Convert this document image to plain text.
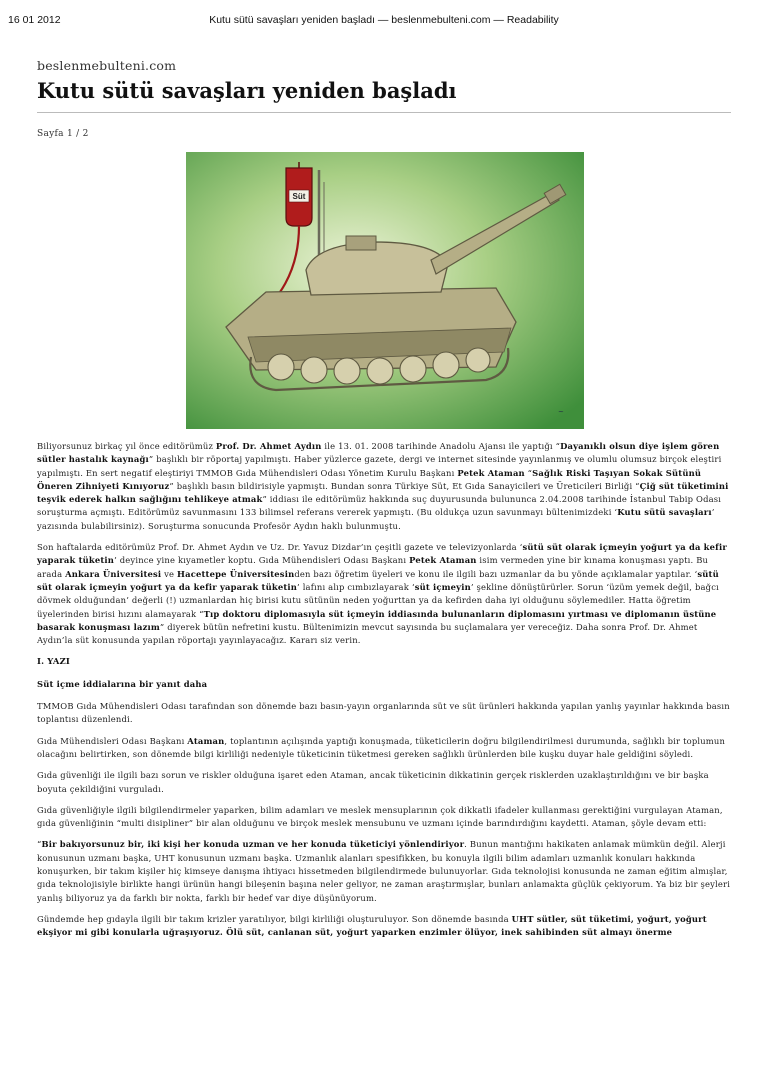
16 01 2012	Kutu sütü savaşları yeniden başladı — beslenmebulteni.com — Readability
beslenmebulteni.com
Kutu sütü savaşları yeniden başladı
Sayfa 1 / 2
Süt
~

Biliyorsunuz birkaç yıl önce editörümüz Prof. Dr. Ahmet Aydın ile 13. 01. 2008 tarihinde Anadolu Ajansı ile yaptığı “Dayanıklı olsun diye işlem gören sütler hastalık kaynağı” başlıklı bir röportaj yapılmıştı. Haber yüzlerce gazete, dergi ve internet sitesinde yayınlanmış ve olumlu olumsuz birçok eleştiri yapılmıştı. En sert negatif eleştiriyi TMMOB Gıda Mühendisleri Odası Yönetim Kurulu Başkanı Petek Ataman “Sağlık Riski Taşıyan Sokak Sütünü Öneren Zihniyeti Kınıyoruz” başlıklı basın bildirisiyle yapmıştı. Bundan sonra Türkiye Süt, Et Gıda Sanayicileri ve Üreticileri Birliği “Çiğ süt tüketimini teşvik ederek halkın sağlığını tehlikeye atmak” iddiası ile editörümüz hakkında suç duyurusunda bulununca 2.04.2008 tarihinde İstanbul Tabip Odası soruşturma açmıştı. Editörümüz savunmasını 133 bilimsel referans vererek yapmıştı. (Bu oldukça uzun savunmayı bültenimizdeki ‘Kutu sütü savaşları’ yazısında bulabilirsiniz). Soruşturma sonucunda Profesör Aydın haklı bulunmuştu.

Son haftalarda editörümüz Prof. Dr. Ahmet Aydın ve Uz. Dr. Yavuz Dizdar’ın çeşitli gazete ve televizyonlarda ‘sütü süt olarak içmeyin yoğurt ya da kefir yaparak tüketin’ deyince yine kıyametler koptu. Gıda Mühendisleri Odası Başkanı Petek Ataman isim vermeden yine bir kınama konuşması yaptı. Bu arada Ankara Üniversitesi ve Hacettepe Üniversitesinden bazı öğretim üyeleri ve konu ile ilgili bazı uzmanlar da bu yönde açıklamalar yaptılar. ‘sütü süt olarak içmeyin yoğurt ya da kefir yaparak tüketin’ lafını alıp cımbızlayarak ‘süt içmeyin’ şekline dönüştürürler. Sorun ‘üzüm yemek değil, bağcı dövmek olduğundan’ değerli (!) uzmanlardan hiç birisi kutu sütünün neden yoğurttan ya da kefirden daha iyi olduğunu söylemediler. Hatta öğretim üyelerinden birisi hızını alamayarak “Tıp doktoru diplomasıyla süt içmeyin iddiasında bulunanların diplomasını yırtması ve diplomanın üstüne basarak konuşması lazım” diyerek bütün nefretini kustu. Bültenimizin mevcut sayısında bu suçlamalara yer vereceğiz. Daha sonra Prof. Dr. Ahmet Aydın’la süt konusunda yapılan röportajı yayınlayacağız. Kararı siz verin.

I. YAZI

Süt içme iddialarına bir yanıt daha

TMMOB Gıda Mühendisleri Odası tarafından son dönemde bazı basın-yayın organlarında süt ve süt ürünleri hakkında yapılan yanlış yayınlar hakkında basın toplantısı düzenlendi.

Gıda Mühendisleri Odası Başkanı Ataman, toplantının açılışında yaptığı konuşmada, tüketicilerin doğru bilgilendirilmesi durumunda, sağlıklı bir toplumun olacağını belirtirken, son dönemde bilgi kirliliği nedeniyle tüketicinin tüketmesi gereken sağlıklı ürünlerden bile kuşku duyar hale geldiğini söyledi.

Gıda güvenliği ile ilgili bazı sorun ve riskler olduğuna işaret eden Ataman, ancak tüketicinin dikkatinin gerçek risklerden uzaklaştırıldığını ve bir başka boyuta çekildiğini vurguladı.

Gıda güvenliğiyle ilgili bilgilendirmeler yaparken, bilim adamları ve meslek mensuplarının çok dikkatli ifadeler kullanması gerektiğini vurgulayan Ataman, gıda güvenliğinin “multi disipliner” bir alan olduğunu ve birçok meslek mensubunu ve uzmanı içinde barındırdığını kaydetti. Ataman, şöyle devam etti:

“Bir bakıyorsunuz bir, iki kişi her konuda uzman ve her konuda tüketiciyi yönlendiriyor. Bunun mantığını hakikaten anlamak mümkün değil. Alerji konusunun uzmanı başka, UHT konusunun uzmanı başka. Uzmanlık alanları spesifikken, bu konuyla ilgili bilim adamları uzmanlık konuları hakkında konuşurken, bir takım kişiler hiç kimseye danışma ihtiyacı hissetmeden bilgilendirmede bulunuyorlar. Gıda teknolojisi konusunda ne zaman eğitim almışlar, gıda teknolojisiyle birlikte hangi ürünün hangi bileşenin başına neler geliyor, ne zaman araştırmışlar, bunları anlamakta güçlük çekiyorum. Ya biz bir şeyleri yanlış biliyoruz ya da farklı bir nokta, farklı bir hedef var diye düşünüyorum.

Gündemde hep gıdayla ilgili bir takım krizler yaratılıyor, bilgi kirliliği oluşturuluyor. Son dönemde basında UHT sütler, süt tüketimi, yoğurt, yoğurt ekşiyor mi gibi konularla uğraşıyoruz. Ölü süt, canlanan süt, yoğurt yaparken enzimler ölüyor, inek sahibinden süt almayı önerme
